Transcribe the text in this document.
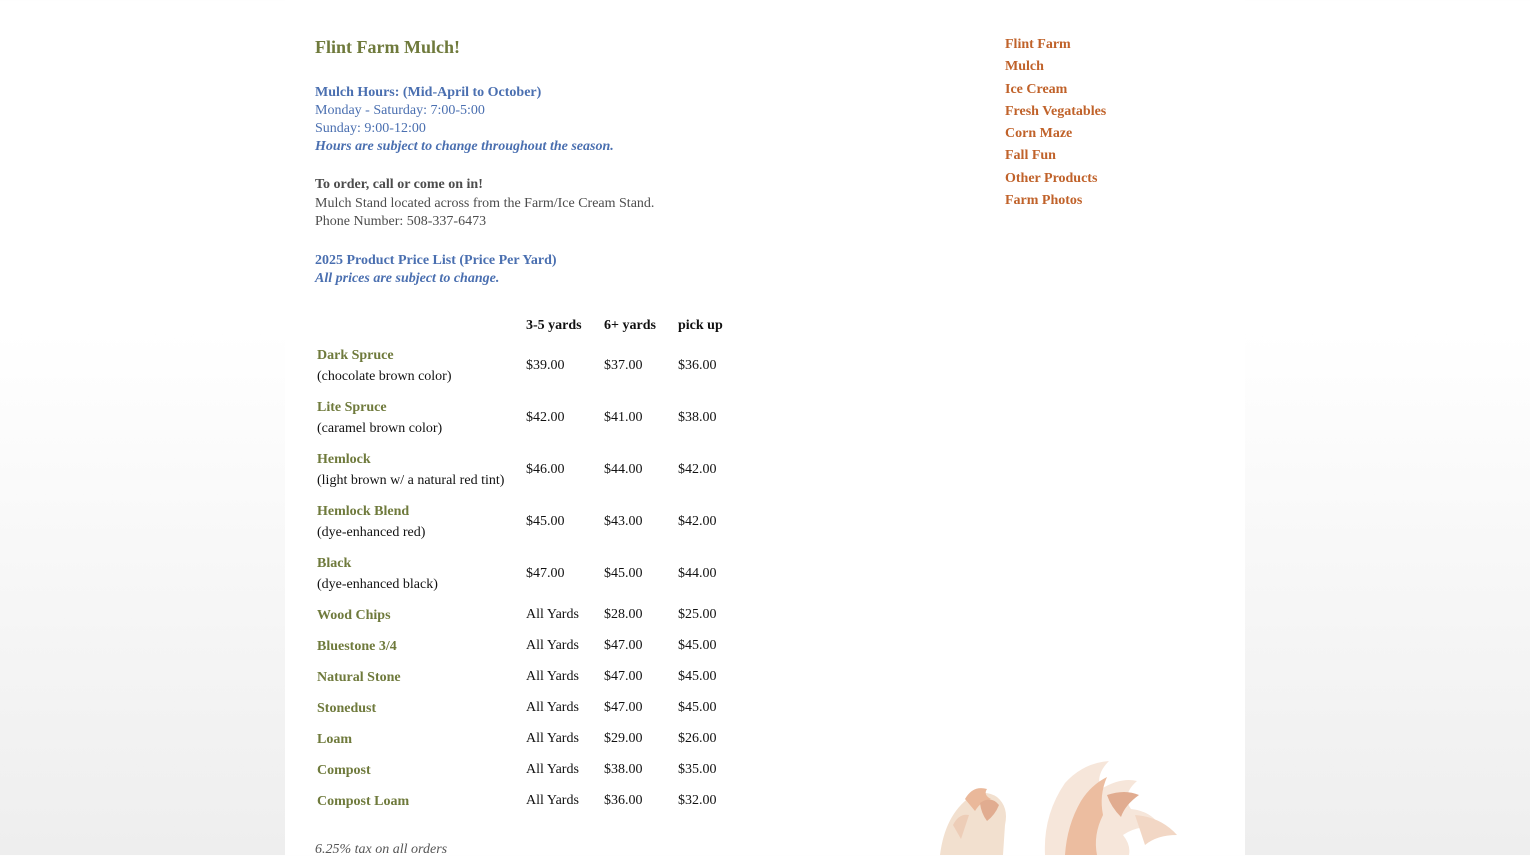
Flint Farm Mulch!
Mulch Hours: (Mid-April to October)
Monday - Saturday: 7:00-5:00
Sunday: 9:00-12:00
Hours are subject to change throughout the season.
To order, call or come on in!
Mulch Stand located across from the Farm/Ice Cream Stand.
Phone Number: 508-337-6473
2025 Product Price List (Price Per Yard)
All prices are subject to change.
	3-5 yards	6+ yards	pick up

Dark Spruce
(chocolate brown color)	$39.00	$37.00	$36.00

Lite Spruce
(caramel brown color)	$42.00	$41.00	$38.00

Hemlock
(light brown w/ a natural red tint)	$46.00	$44.00	$42.00

Hemlock Blend
(dye-enhanced red)	$45.00	$43.00	$42.00

Black
(dye-enhanced black)	$47.00	$45.00	$44.00

Wood Chips	All Yards	$28.00	$25.00

Bluestone 3/4	All Yards	$47.00	$45.00

Natural Stone	All Yards	$47.00	$45.00

Stonedust	All Yards	$47.00	$45.00

Loam	All Yards	$29.00	$26.00

Compost	All Yards	$38.00	$35.00

Compost Loam	All Yards	$36.00	$32.00
6.25% tax on all orders
Flint Farm
Mulch
Ice Cream
Fresh Vegatables
Corn Maze
Fall Fun
Other Products
Farm Photos
